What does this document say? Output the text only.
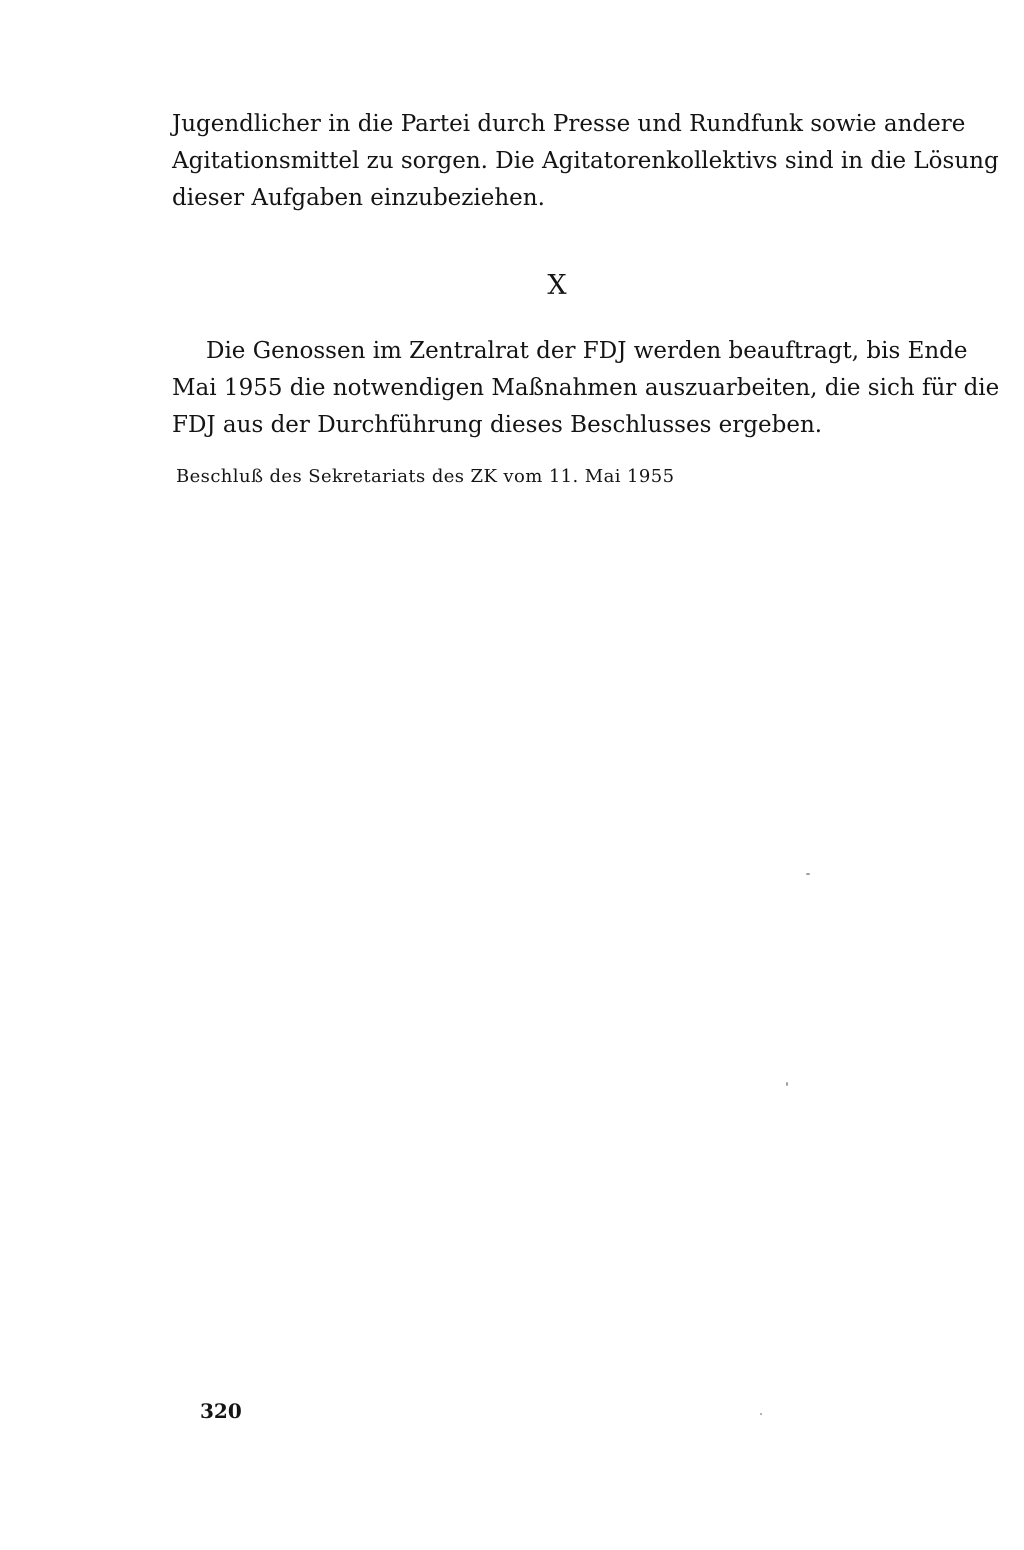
Jugendlicher in die Partei durch Presse und Rundfunk sowie andere
Agitationsmittel zu sorgen. Die Agitatorenkollektivs sind in die Lösung
dieser Aufgaben einzubeziehen.
X
Die Genossen im Zentralrat der FDJ werden beauftragt, bis Ende
Mai 1955 die notwendigen Maßnahmen auszuarbeiten, die sich für die
FDJ aus der Durchführung dieses Beschlusses ergeben.

Beschluß des Sekretariats des ZK vom 11. Mai 1955

320
